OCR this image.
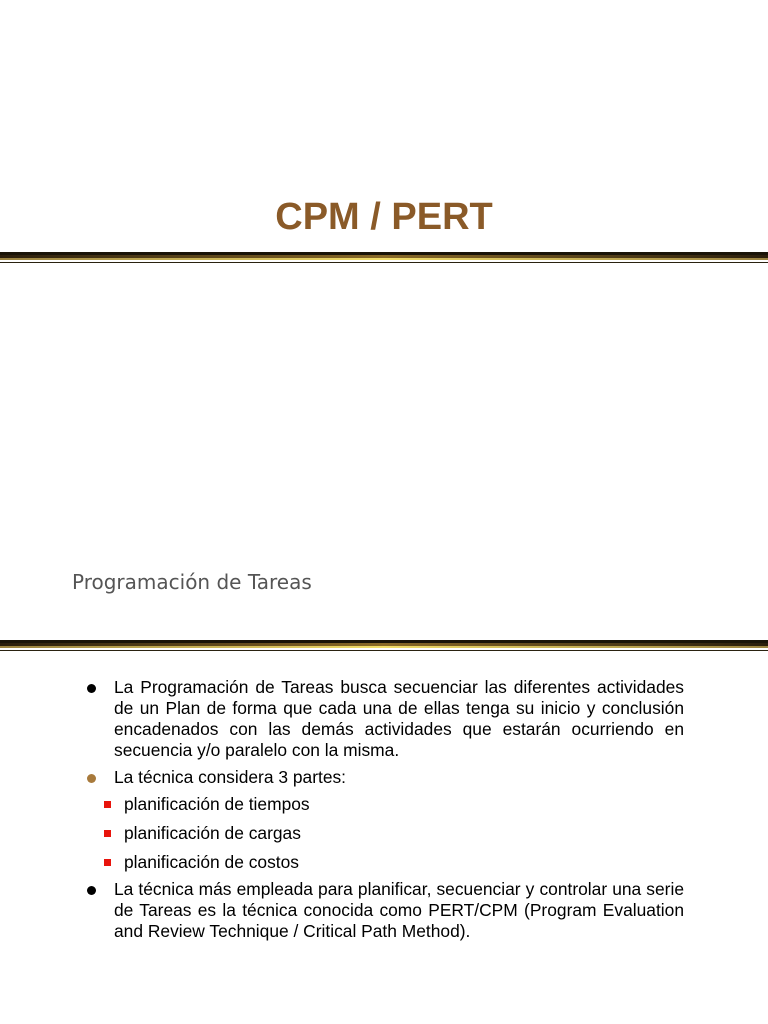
CPM / PERT

Programación de Tareas

La Programación de Tareas busca secuenciar las diferentes actividades de un Plan de forma que cada una de ellas tenga su inicio y conclusión encadenados con las demás actividades que estarán ocurriendo en secuencia y/o paralelo con la misma.
La técnica considera 3 partes:
planificación de tiempos
planificación de cargas
planificación de costos
La técnica más empleada para planificar, secuenciar y controlar una serie de Tareas es la técnica conocida como PERT/CPM (Program Evaluation and Review Technique / Critical Path Method).
